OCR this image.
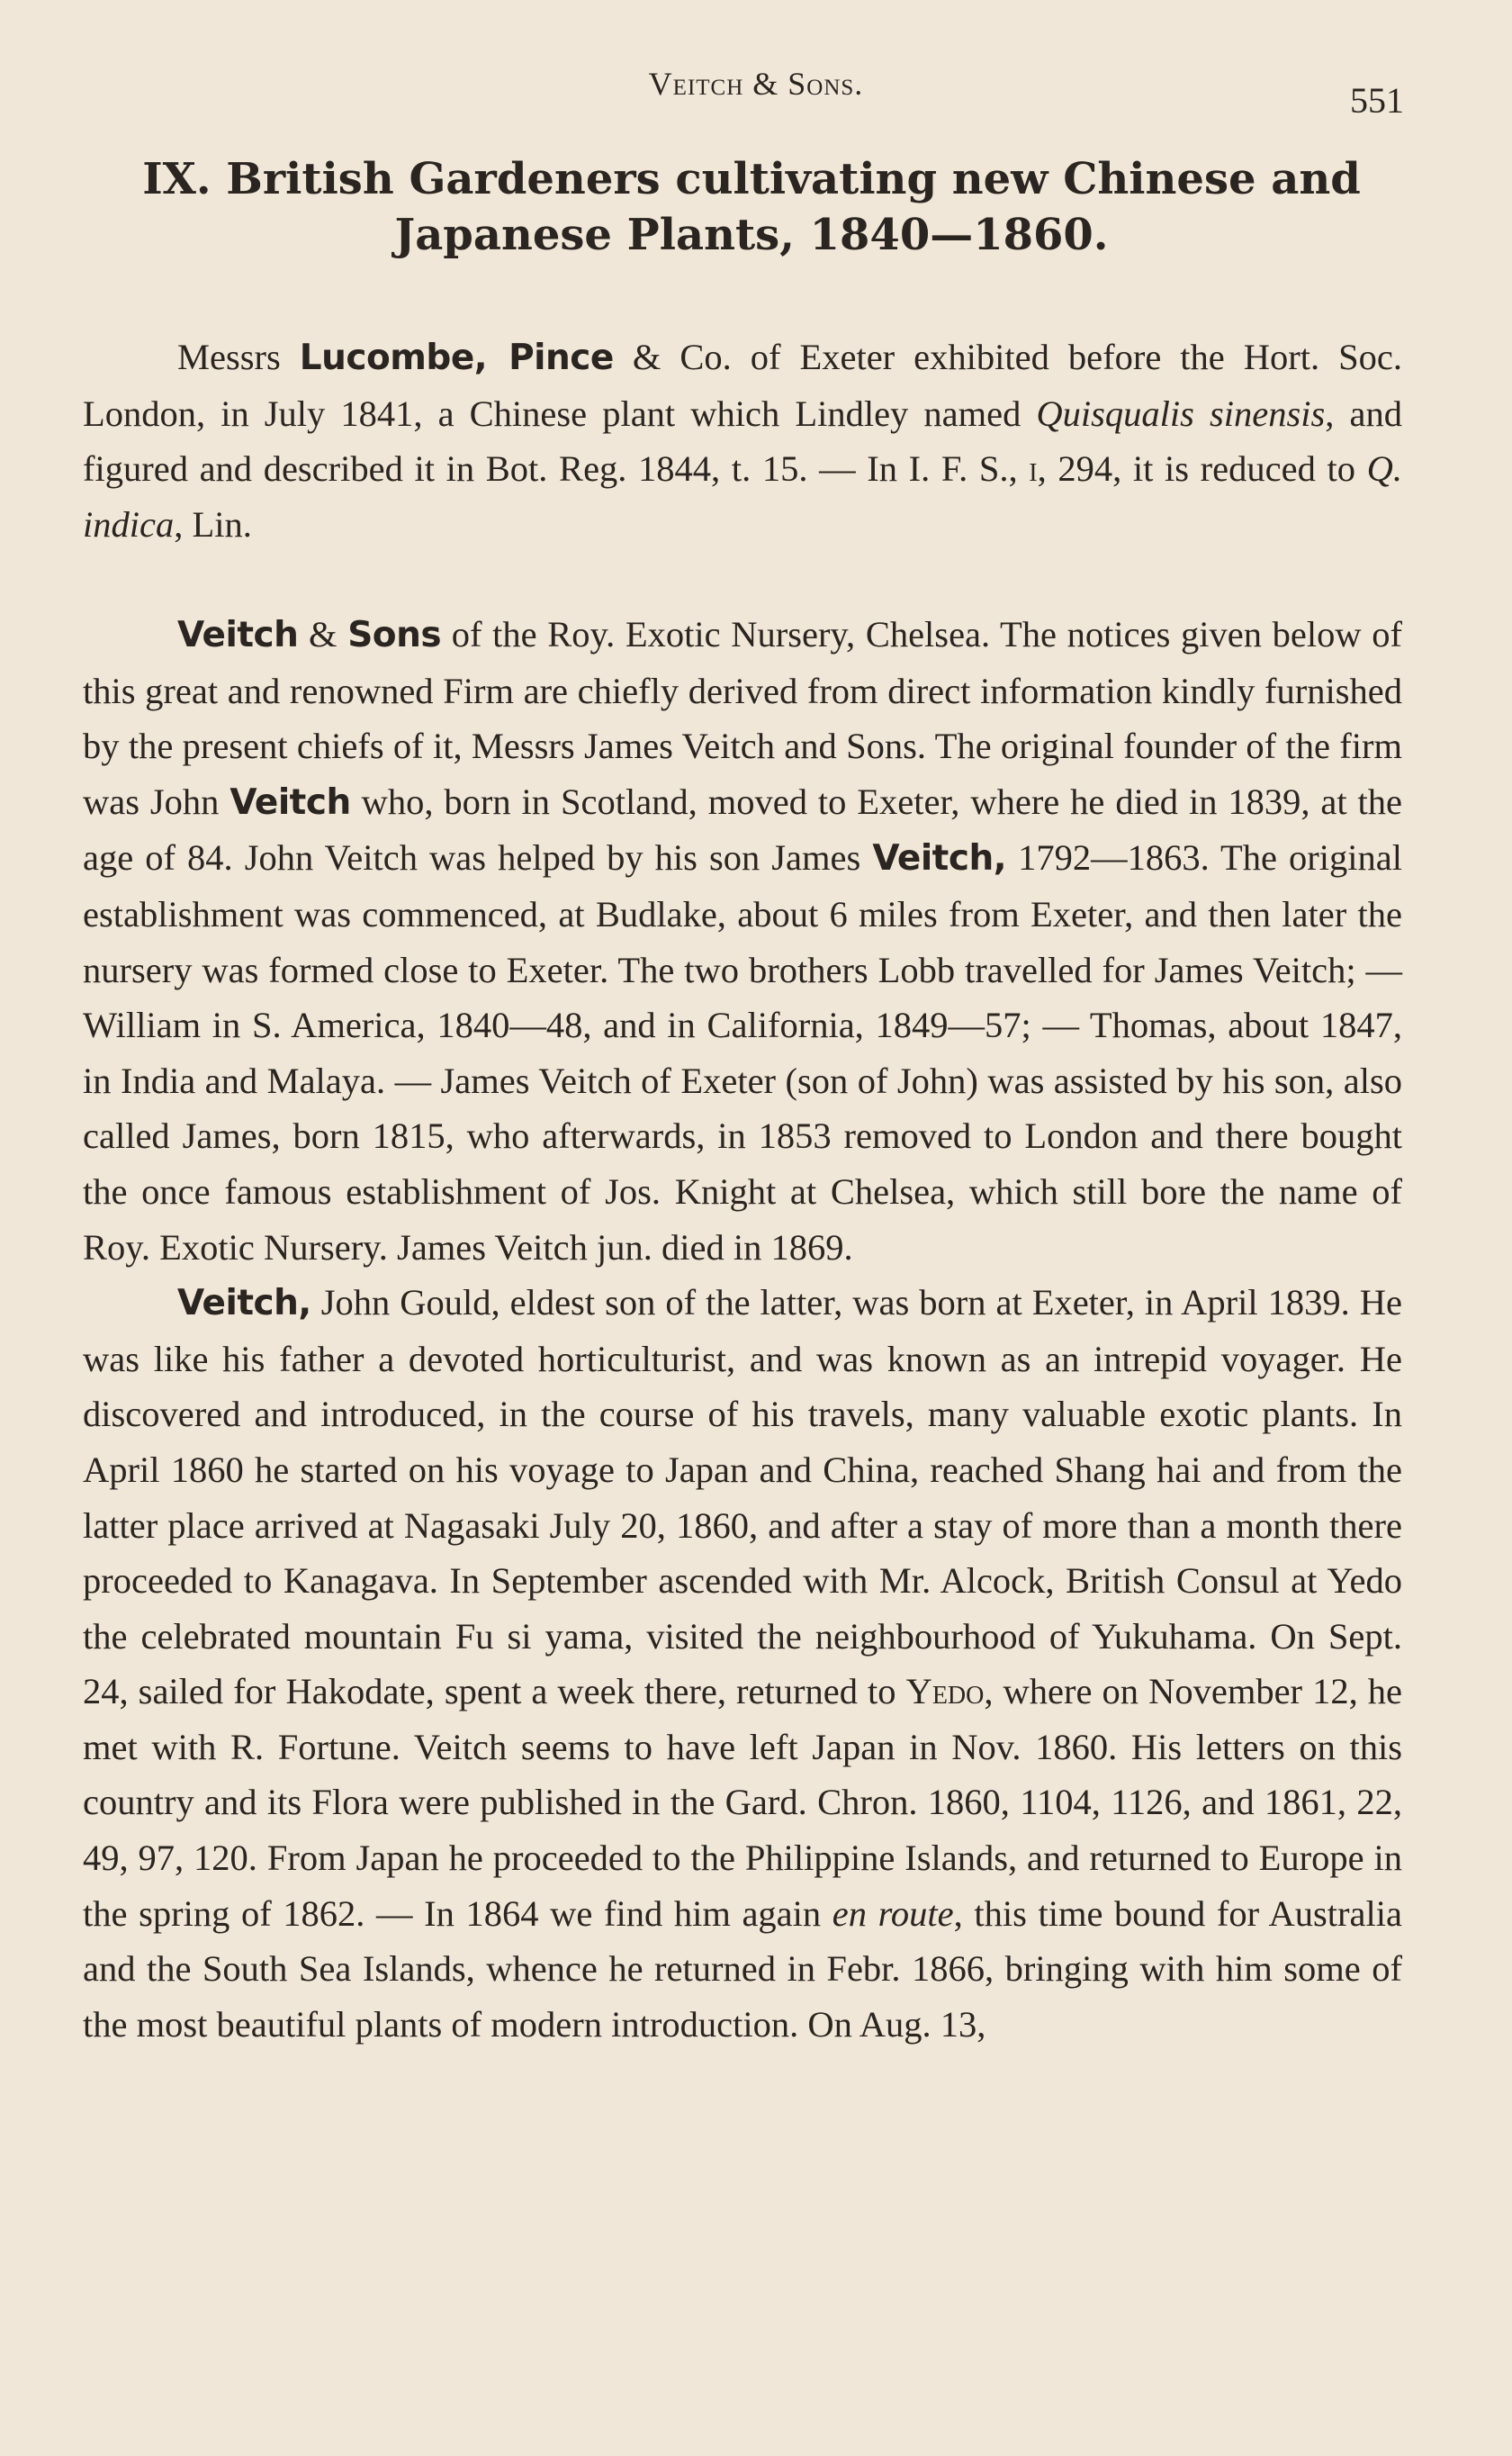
Veitch & Sons.	551
IX. British Gardeners cultivating new Chinese and
Japanese Plants, 1840—1860.

Messrs Lucombe, Pince & Co. of Exeter exhibited before the Hort. Soc. London, in July 1841, a Chinese plant which Lindley named Quisqualis sinensis, and figured and described it in Bot. Reg. 1844, t. 15. — In I. F. S., i, 294, it is reduced to Q. indica, Lin.

Veitch & Sons of the Roy. Exotic Nursery, Chelsea. The notices given below of this great and renowned Firm are chiefly derived from direct information kindly furnished by the present chiefs of it, Messrs James Veitch and Sons. The original founder of the firm was John Veitch who, born in Scotland, moved to Exeter, where he died in 1839, at the age of 84. John Veitch was helped by his son James Veitch, 1792—1863. The original establishment was commenced, at Budlake, about 6 miles from Exeter, and then later the nursery was formed close to Exeter. The two brothers Lobb travelled for James Veitch; — William in S. America, 1840—48, and in California, 1849—57; — Thomas, about 1847, in India and Malaya. — James Veitch of Exeter (son of John) was assisted by his son, also called James, born 1815, who afterwards, in 1853 removed to London and there bought the once famous establishment of Jos. Knight at Chelsea, which still bore the name of Roy. Exotic Nursery. James Veitch jun. died in 1869.

Veitch, John Gould, eldest son of the latter, was born at Exeter, in April 1839. He was like his father a devoted horticulturist, and was known as an intrepid voyager. He discovered and introduced, in the course of his travels, many valuable exotic plants. In April 1860 he started on his voyage to Japan and China, reached Shang hai and from the latter place arrived at Nagasaki July 20, 1860, and after a stay of more than a month there proceeded to Kanagava. In September ascended with Mr. Alcock, British Consul at Yedo the celebrated mountain Fu si yama, visited the neighbourhood of Yukuhama. On Sept. 24, sailed for Hakodate, spent a week there, returned to Yedo, where on November 12, he met with R. Fortune. Veitch seems to have left Japan in Nov. 1860. His letters on this country and its Flora were published in the Gard. Chron. 1860, 1104, 1126, and 1861, 22, 49, 97, 120. From Japan he proceeded to the Philippine Islands, and returned to Europe in the spring of 1862. — In 1864 we find him again en route, this time bound for Australia and the South Sea Islands, whence he returned in Febr. 1866, bringing with him some of the most beautiful plants of modern introduction. On Aug. 13,
